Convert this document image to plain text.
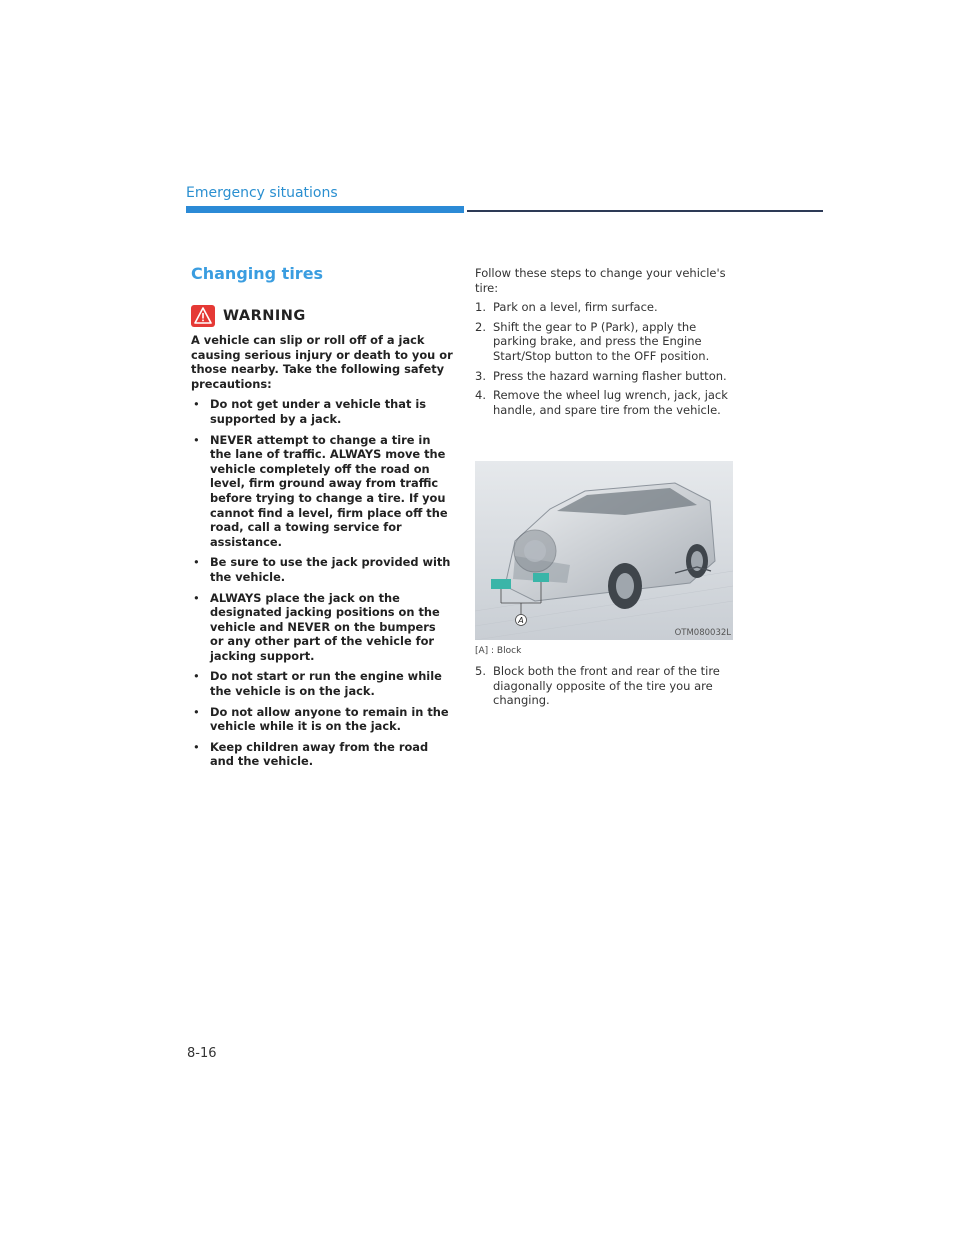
Emergency situations
Changing tires
WARNING

A vehicle can slip or roll off of a jack causing serious injury or death to you or those nearby. Take the following safety precautions:

• Do not get under a vehicle that is supported by a jack.
• NEVER attempt to change a tire in the lane of traffic. ALWAYS move the vehicle completely off the road on level, firm ground away from traffic before trying to change a tire. If you cannot find a level, firm place off the road, call a towing service for assistance.
• Be sure to use the jack provided with the vehicle.
• ALWAYS place the jack on the designated jacking positions on the vehicle and NEVER on the bumpers or any other part of the vehicle for jacking support.
• Do not start or run the engine while the vehicle is on the jack.
• Do not allow anyone to remain in the vehicle while it is on the jack.
• Keep children away from the road and the vehicle.

Follow these steps to change your vehicle's tire:

1. Park on a level, firm surface.
2. Shift the gear to P (Park), apply the parking brake, and press the Engine Start/Stop button to the OFF position.
3. Press the hazard warning flasher button.
4. Remove the wheel lug wrench, jack, jack handle, and spare tire from the vehicle.
A
OTM080032L
[A] : Block
5. Block both the front and rear of the tire diagonally opposite of the tire you are changing.
8-16
